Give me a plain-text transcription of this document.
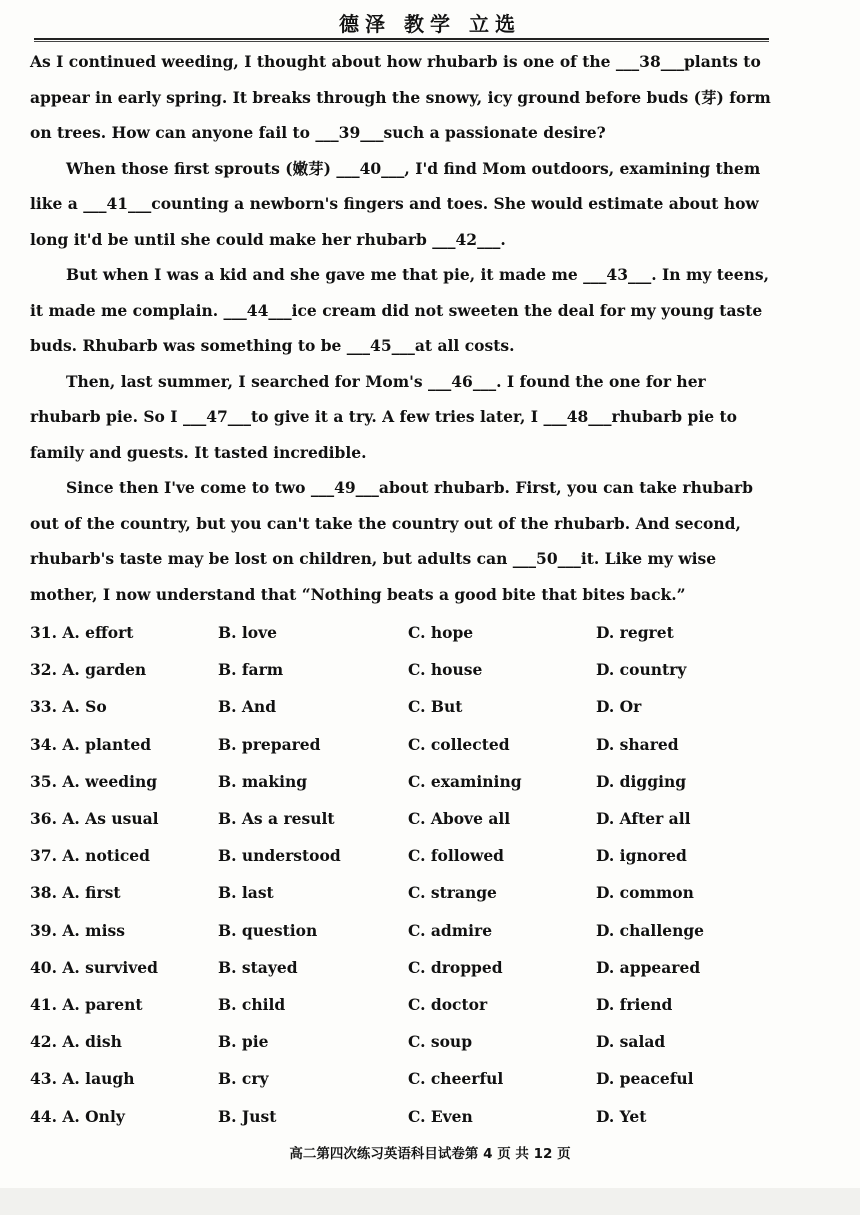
德泽 教学 立选

As I continued weeding, I thought about how rhubarb is one of the ___38___plants to appear in early spring. It breaks through the snowy, icy ground before buds (芽) form on trees. How can anyone fail to ___39___such a passionate desire?

When those first sprouts (嫩芽) ___40___, I'd find Mom outdoors, examining them like a ___41___counting a newborn's fingers and toes. She would estimate about how long it'd be until she could make her rhubarb ___42___.

But when I was a kid and she gave me that pie, it made me ___43___. In my teens, it made me complain. ___44___ice cream did not sweeten the deal for my young taste buds. Rhubarb was something to be ___45___at all costs.

Then, last summer, I searched for Mom's ___46___. I found the one for her rhubarb pie. So I ___47___to give it a try. A few tries later, I ___48___rhubarb pie to family and guests. It tasted incredible.

Since then I've come to two ___49___about rhubarb. First, you can take rhubarb out of the country, but you can't take the country out of the rhubarb. And second, rhubarb's taste may be lost on children, but adults can ___50___it. Like my wise mother, I now understand that “Nothing beats a good bite that bites back.”

31. A. effort	B. love	C. hope	D. regret
32. A. garden	B. farm	C. house	D. country
33. A. So	B. And	C. But	D. Or
34. A. planted	B. prepared	C. collected	D. shared
35. A. weeding	B. making	C. examining	D. digging
36. A. As usual	B. As a result	C. Above all	D. After all
37. A. noticed	B. understood	C. followed	D. ignored
38. A. first	B. last	C. strange	D. common
39. A. miss	B. question	C. admire	D. challenge
40. A. survived	B. stayed	C. dropped	D. appeared
41. A. parent	B. child	C. doctor	D. friend
42. A. dish	B. pie	C. soup	D. salad
43. A. laugh	B. cry	C. cheerful	D. peaceful
44. A. Only	B. Just	C. Even	D. Yet
高二第四次练习英语科目试卷第 4 页 共 12 页
